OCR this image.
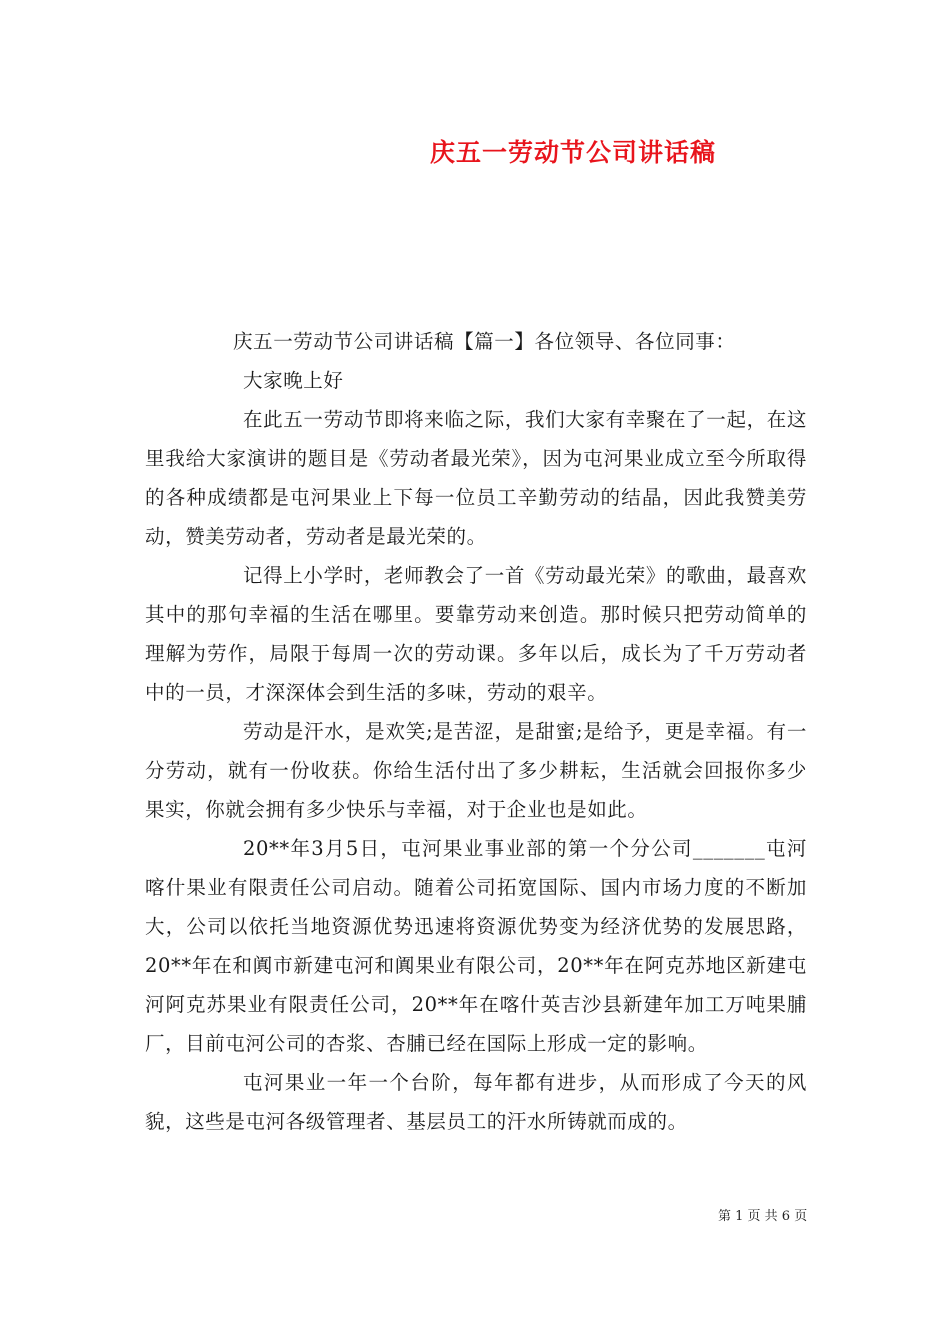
庆五一劳动节公司讲话稿
庆五一劳动节公司讲话稿【篇一】各位领导、各位同事：
大家晚上好

在此五一劳动节即将来临之际，我们大家有幸聚在了一起，在这里我给大家演讲的题目是《劳动者最光荣》，因为屯河果业成立至今所取得的各种成绩都是屯河果业上下每一位员工辛勤劳动的结晶，因此我赞美劳动，赞美劳动者，劳动者是最光荣的。

记得上小学时，老师教会了一首《劳动最光荣》的歌曲，最喜欢其中的那句幸福的生活在哪里。要靠劳动来创造。那时候只把劳动简单的理解为劳作，局限于每周一次的劳动课。多年以后，成长为了千万劳动者中的一员，才深深体会到生活的多味，劳动的艰辛。

劳动是汗水，是欢笑;是苦涩，是甜蜜;是给予，更是幸福。有一分劳动，就有一份收获。你给生活付出了多少耕耘，生活就会回报你多少果实，你就会拥有多少快乐与幸福，对于企业也是如此。

20**年3月5日，屯河果业事业部的第一个分公司_______屯河喀什果业有限责任公司启动。随着公司拓宽国际、国内市场力度的不断加大，公司以依托当地资源优势迅速将资源优势变为经济优势的发展思路，20**年在和阗市新建屯河和阗果业有限公司，20**年在阿克苏地区新建屯河阿克苏果业有限责任公司，20**年在喀什英吉沙县新建年加工万吨果脯厂，目前屯河公司的杏浆、杏脯已经在国际上形成一定的影响。

屯河果业一年一个台阶，每年都有进步，从而形成了今天的风貌，这些是屯河各级管理者、基层员工的汗水所铸就而成的。

第 1 页 共 6 页
